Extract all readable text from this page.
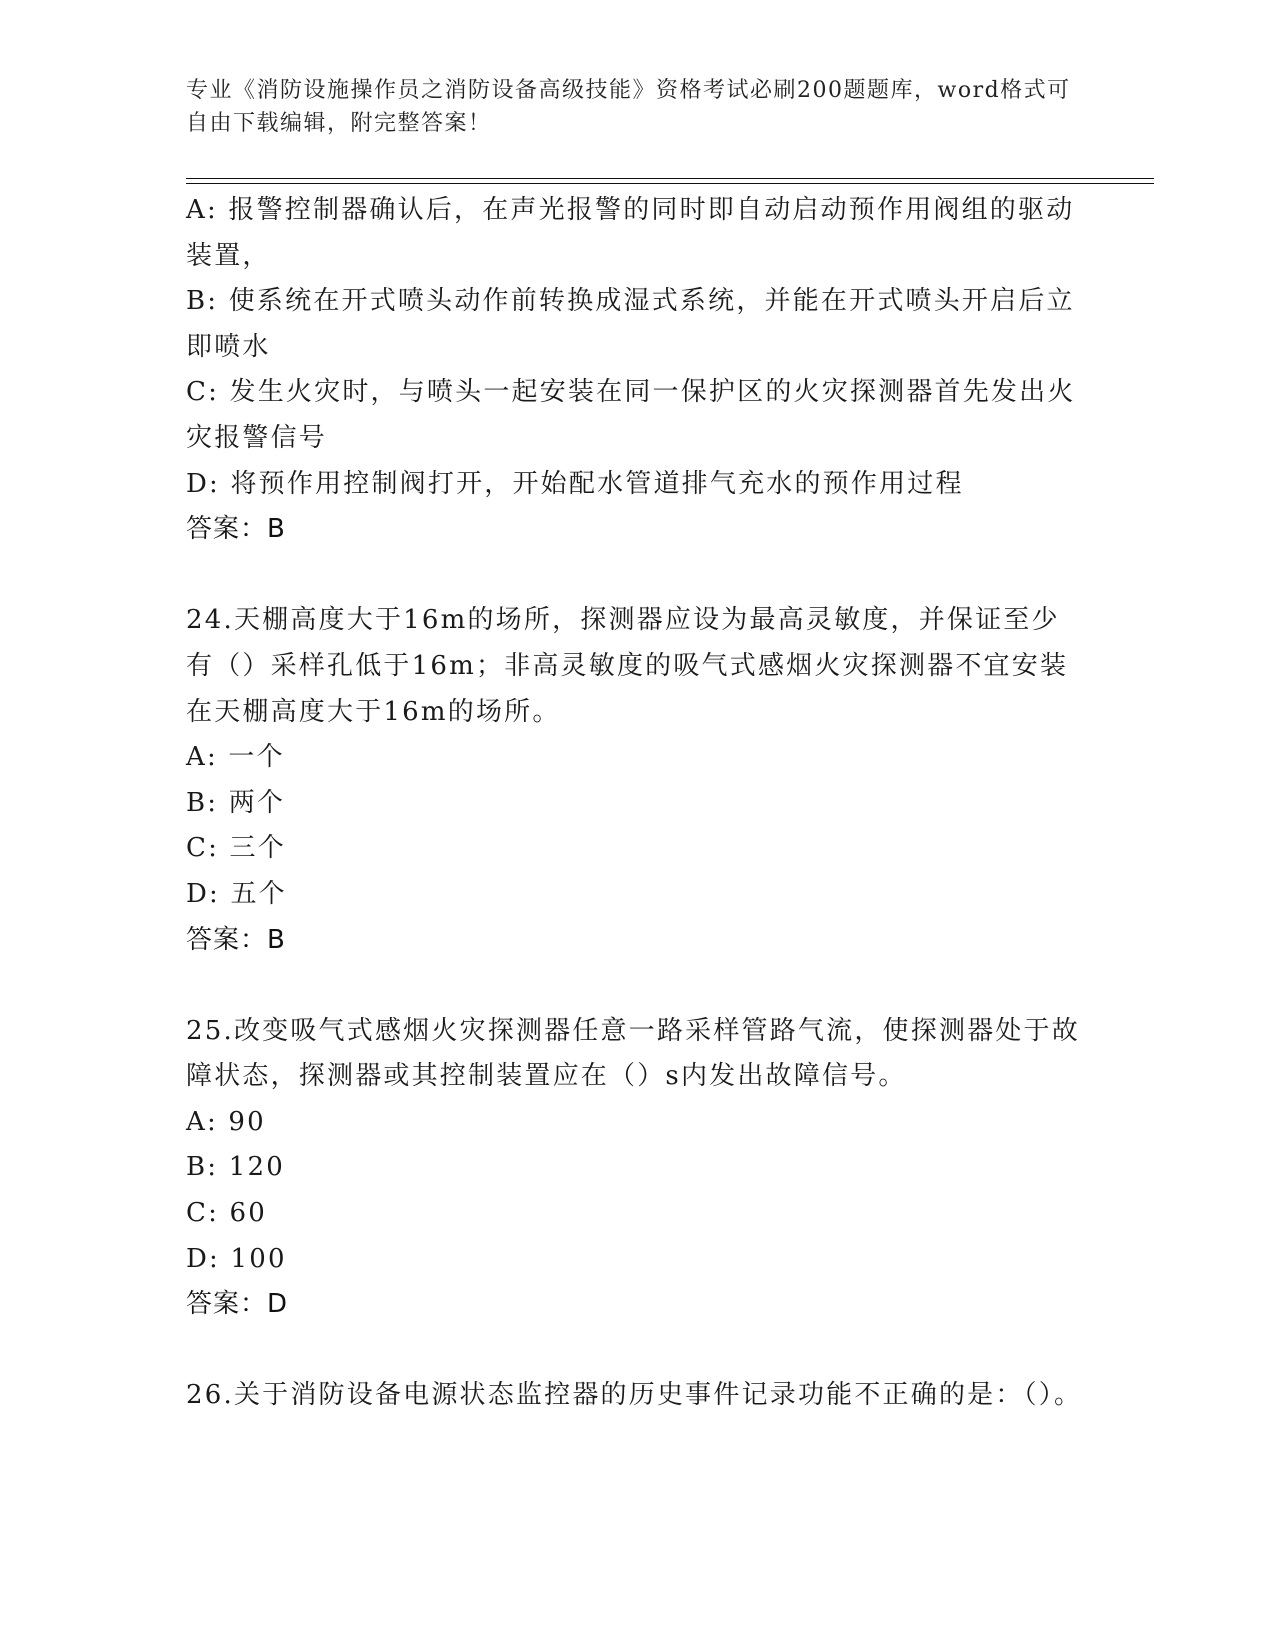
专业《消防设施操作员之消防设备高级技能》资格考试必刷200题题库，word格式可自由下载编辑，附完整答案！
A: 报警控制器确认后，在声光报警的同时即自动启动预作用阀组的驱动装置，
B: 使系统在开式喷头动作前转换成湿式系统，并能在开式喷头开启后立即喷水
C: 发生火灾时，与喷头一起安装在同一保护区的火灾探测器首先发出火灾报警信号
D: 将预作用控制阀打开，开始配水管道排气充水的预作用过程
答案：B
24.天棚高度大于16m的场所，探测器应设为最高灵敏度，并保证至少有（）采样孔低于16m；非高灵敏度的吸气式感烟火灾探测器不宜安装在天棚高度大于16m的场所。
A: 一个
B: 两个
C: 三个
D: 五个
答案：B
25.改变吸气式感烟火灾探测器任意一路采样管路气流，使探测器处于故障状态，探测器或其控制装置应在（）s内发出故障信号。
A: 90
B: 120
C: 60
D: 100
答案：D
26.关于消防设备电源状态监控器的历史事件记录功能不正确的是：（）。
